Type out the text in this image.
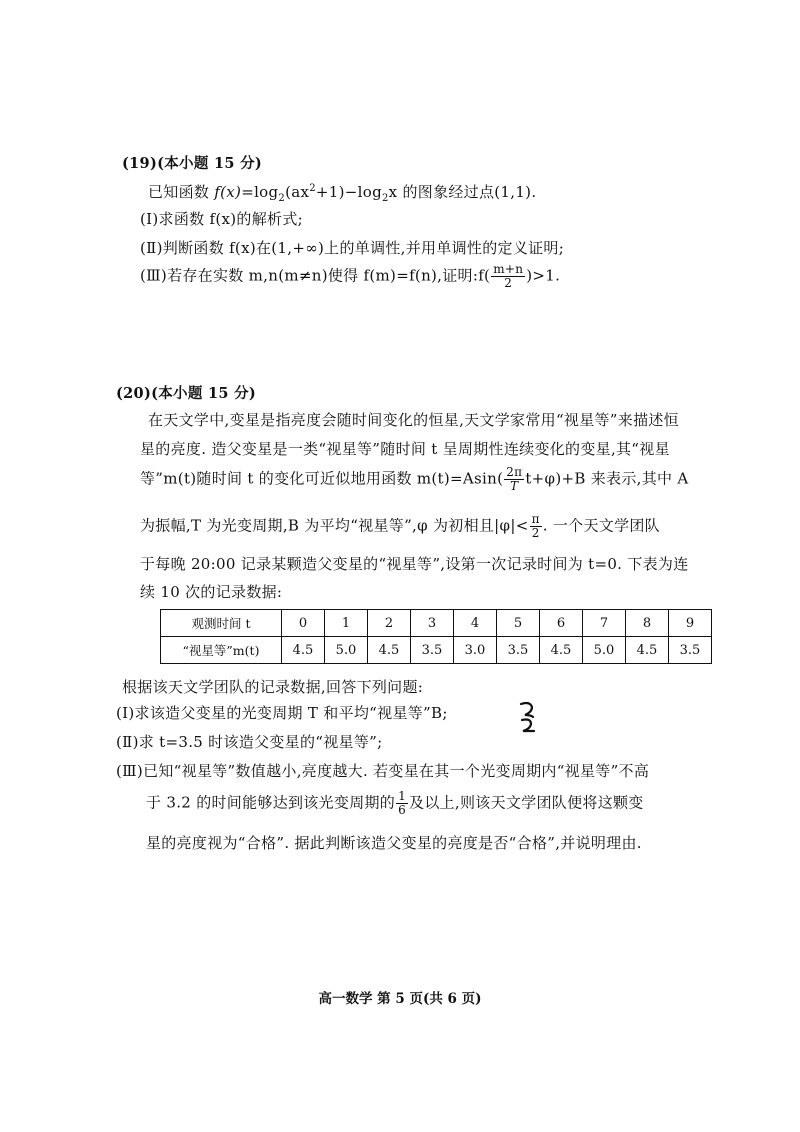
(19)(本小题 15 分)
已知函数 $f(x)=\log_2(ax^2+1)-\log_2x$ 的图象经过点(1,1).
(Ⅰ)求函数 f(x)的解析式;
(Ⅱ)判断函数 f(x)在(1,+∞)上的单调性,并用单调性的定义证明;
(Ⅲ)若存在实数 m,n(m≠n)使得 f(m)=f(n),证明:f( $\frac{m+n}{2} )>1$.
(20)(本小题 15 分)
在天文学中,变星是指亮度会随时间变化的恒星,天文学家常用“视星等”来描述恒
星的亮度. 造父变星是一类“视星等”随时间 t 呈周期性连续变化的变星,其“视星
等”m(t)随时间 t 的变化可近似地用函数 $m(t)=Asin( \frac{2\pi}{T} t+\varphi)+B$ 来表示,其中 A
为振幅,T 为光变周期,B 为平均“视星等”,φ 为初相且$|\varphi|< \frac{\pi}{2}$ . 一个天文学团队
于每晚 20:00 记录某颗造父变星的“视星等”,设第一次记录时间为 t=0. 下表为连
续 10 次的记录数据:
观测时间 t	0	1	2	3	4	5	6	7	8	9
“视星等”m(t)	4.5	5.0	4.5	3.5	3.0	3.5	4.5	5.0	4.5	3.5
根据该天文学团队的记录数据,回答下列问题:
(Ⅰ)求该造父变星的光变周期 T 和平均“视星等”B;
(Ⅱ)求 t=3.5 时该造父变星的“视星等”;
(Ⅲ)已知“视星等”数值越小,亮度越大. 若变星在其一个光变周期内“视星等”不高
于 3.2 的时间能够达到该光变周期的 $\frac{1}{6}$ 及以上,则该天文学团队便将这颗变
星的亮度视为“合格”. 据此判断该造父变星的亮度是否“合格”,并说明理由.
高一数学 第 5 页(共 6 页)
